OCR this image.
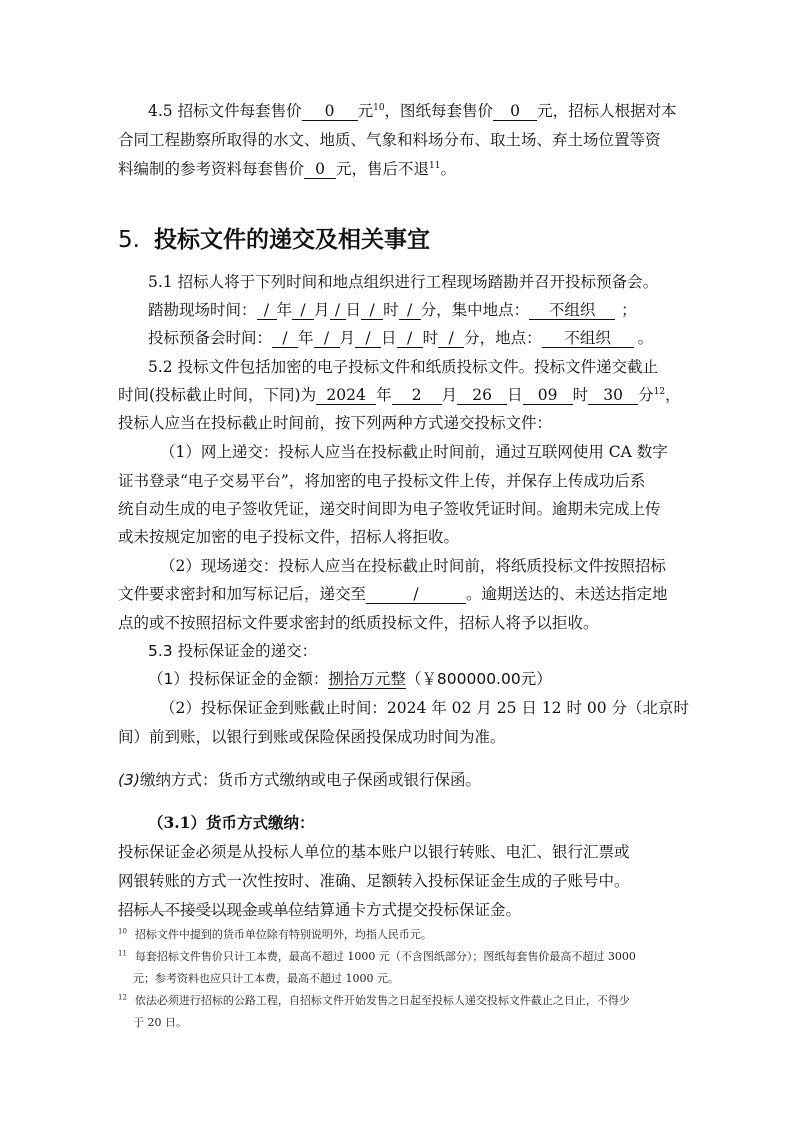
4.5 招标文件每套售价 0 元$^{10}$，图纸每套售价 0 元，招标人根据对本
合同工程勘察所取得的水文、地质、气象和料场分布、取土场、弃土场位置等资
料编制的参考资料每套售价 0 元，售后不退$^{11}$。
5. 投标文件的递交及相关事宜
5.1 招标人将于下列时间和地点组织进行工程现场踏勘并召开投标预备会。
踏勘现场时间： / 年 / 月 / 日 / 时 / 分，集中地点： 不组织 ；
投标预备会时间： / 年 / 月 / 日 / 时 / 分，地点： 不组织 。
5.2 投标文件包括加密的电子投标文件和纸质投标文件。投标文件递交截止
时间(投标截止时间，下同)为 2024 年 2 月 26 日 09 时 30 分$^{12}$，
投标人应当在投标截止时间前，按下列两种方式递交投标文件：
（1）网上递交：投标人应当在投标截止时间前，通过互联网使用 CA 数字
证书登录“电子交易平台”，将加密的电子投标文件上传，并保存上传成功后系
统自动生成的电子签收凭证，递交时间即为电子签收凭证时间。逾期未完成上传
或未按规定加密的电子投标文件，招标人将拒收。
（2）现场递交：投标人应当在投标截止时间前，将纸质投标文件按照招标
文件要求密封和加写标记后，递交至	/	。逾期送达的、未送达指定地
点的或不按照招标文件要求密封的纸质投标文件，招标人将予以拒收。
5.3 投标保证金的递交：
（1）投标保证金的金额：捌拾万元整（￥800000.00元）
（2）投标保证金到账截止时间：2024 年 02 月 25 日 12 时 00 分（北京时
间）前到账，以银行到账或保险保函投保成功时间为准。
(3)缴纳方式：货币方式缴纳或电子保函或银行保函。
（3.1）货币方式缴纳：
投标保证金必须是从投标人单位的基本账户以银行转账、电汇、银行汇票或
网银转账的方式一次性按时、准确、足额转入投标保证金生成的子账号中。
招标人不接受以现金或单位结算通卡方式提交投标保证金。
$^{10}$ 招标文件中提到的货币单位除有特别说明外，均指人民币元。
$^{11}$ 每套招标文件售价只计工本费，最高不超过 1000 元（不含图纸部分）；图纸每套售价最高不超过 3000
元；参考资料也应只计工本费，最高不超过 1000 元。
$^{12}$ 依法必须进行招标的公路工程，自招标文件开始发售之日起至投标人递交投标文件截止之日止，不得少
于 20 日。
